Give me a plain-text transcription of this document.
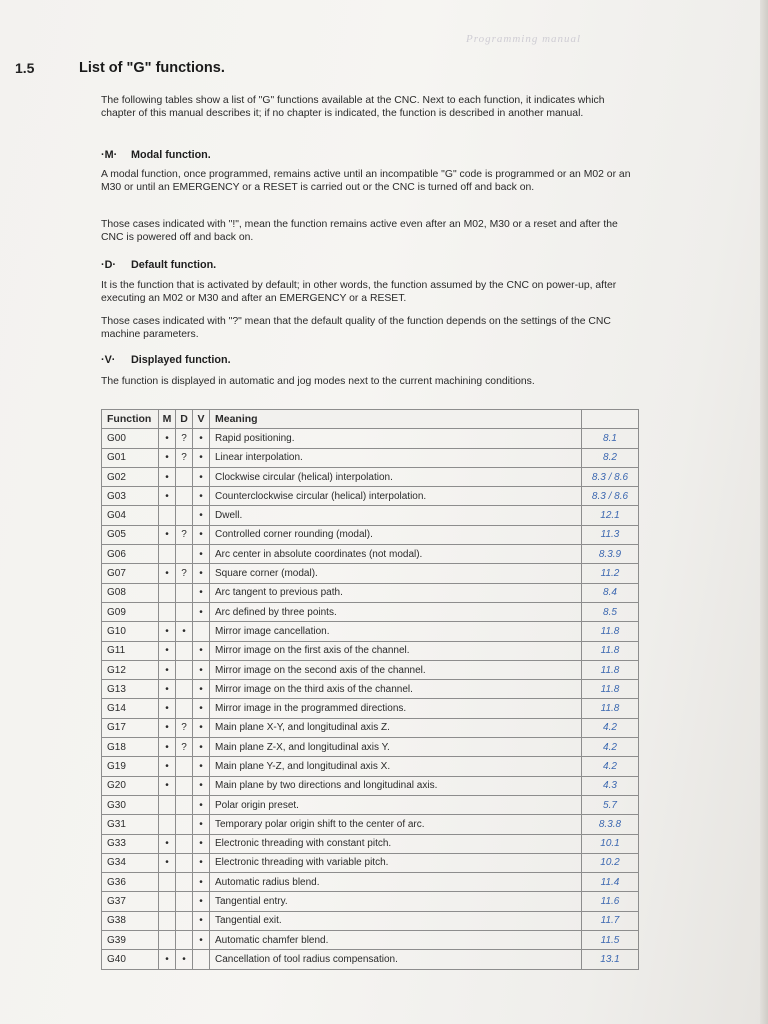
Programming manual
1.5	List of "G" functions.
The following tables show a list of "G" functions available at the CNC. Next to each function, it indicates which chapter of this manual describes it; if no chapter is indicated, the function is described in another manual.
·M· Modal function.
A modal function, once programmed, remains active until an incompatible "G" code is programmed or an M02 or an M30 or until an EMERGENCY or a RESET is carried out or the CNC is turned off and back on.
Those cases indicated with "!", mean the function remains active even after an M02, M30 or a reset and after the CNC is powered off and back on.
·D· Default function.
It is the function that is activated by default; in other words, the function assumed by the CNC on power-up, after executing an M02 or M30 and after an EMERGENCY or a RESET.
Those cases indicated with "?" mean that the default quality of the function depends on the settings of the CNC machine parameters.
·V· Displayed function.
The function is displayed in automatic and jog modes next to the current machining conditions.
Function	M	D	V	Meaning	
G00	•	?	•	Rapid positioning.	8.1
G01	•	?	•	Linear interpolation.	8.2
G02	•		•	Clockwise circular (helical) interpolation.	8.3 / 8.6
G03	•		•	Counterclockwise circular (helical) interpolation.	8.3 / 8.6
G04			•	Dwell.	12.1
G05	•	?	•	Controlled corner rounding (modal).	11.3
G06			•	Arc center in absolute coordinates (not modal).	8.3.9
G07	•	?	•	Square corner (modal).	11.2
G08			•	Arc tangent to previous path.	8.4
G09			•	Arc defined by three points.	8.5
G10	•	•		Mirror image cancellation.	11.8
G11	•		•	Mirror image on the first axis of the channel.	11.8
G12	•		•	Mirror image on the second axis of the channel.	11.8
G13	•		•	Mirror image on the third axis of the channel.	11.8
G14	•		•	Mirror image in the programmed directions.	11.8
G17	•	?	•	Main plane X-Y, and longitudinal axis Z.	4.2
G18	•	?	•	Main plane Z-X, and longitudinal axis Y.	4.2
G19	•		•	Main plane Y-Z, and longitudinal axis X.	4.2
G20	•		•	Main plane by two directions and longitudinal axis.	4.3
G30			•	Polar origin preset.	5.7
G31			•	Temporary polar origin shift to the center of arc.	8.3.8
G33	•		•	Electronic threading with constant pitch.	10.1
G34	•		•	Electronic threading with variable pitch.	10.2
G36			•	Automatic radius blend.	11.4
G37			•	Tangential entry.	11.6
G38			•	Tangential exit.	11.7
G39			•	Automatic chamfer blend.	11.5
G40	•	•		Cancellation of tool radius compensation.	13.1
